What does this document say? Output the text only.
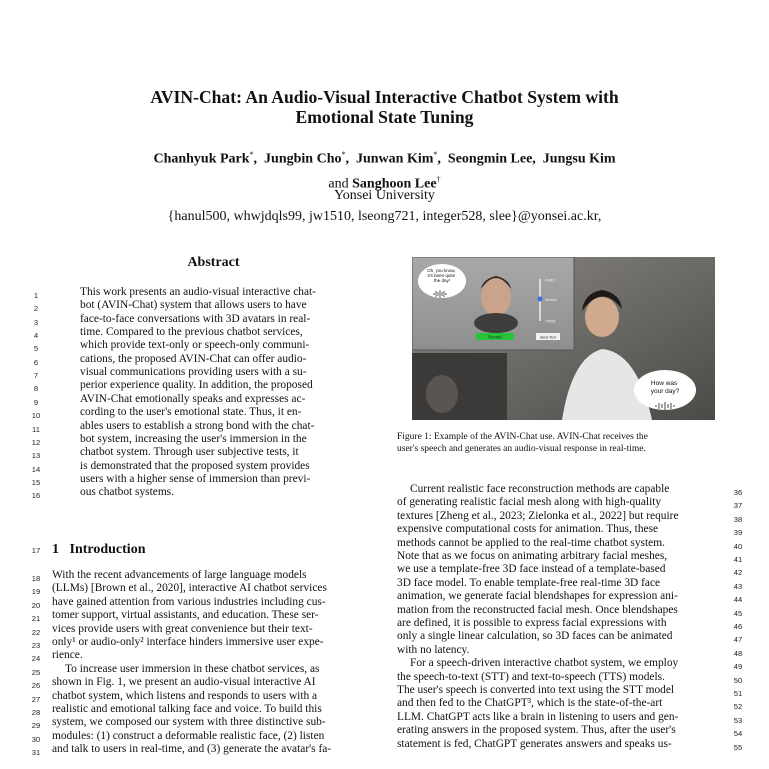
AVIN-Chat: An Audio-Visual Interactive Chatbot System with
Emotional State Tuning
Chanhyuk Park*,  Jungbin Cho*,  Junwan Kim*,  Seongmin Lee,  Jungsu Kim
and Sanghoon Lee†
Yonsei University
{hanul500, whwjdqls99, jw1510, lseong721, integer528, slee}@yonsei.ac.kr,
Abstract
1	This work presents an audio-visual interactive chat-
2	bot (AVIN-Chat) system that allows users to have
3	face-to-face conversations with 3D avatars in real-
4	time. Compared to the previous chatbot services,
5	which provide text-only or speech-only communi-
6	cations, the proposed AVIN-Chat can offer audio-
7	visual communications providing users with a su-
8	perior experience quality. In addition, the proposed
9	AVIN-Chat emotionally speaks and expresses ac-
10	cording to the user's emotional state. Thus, it en-
11	ables users to establish a strong bond with the chat-
12	bot system, increasing the user's immersion in the
13	chatbot system. Through user subjective tests, it
14	is demonstrated that the proposed system provides
15	users with a higher sense of immersion than previ-
16	ous chatbot systems.
17 1 Introduction
18	With the recent advancements of large language models
19	(LLMs) [Brown et al., 2020], interactive AI chatbot services
20	have gained attention from various industries including cus-
21	tomer support, virtual assistants, and education. These ser-
22	vices provide users with great convenience but their text-
23	only¹ or audio-only² interface hinders immersive user expe-
24	rience.
25	To increase user immersion in these chatbot services, as
26	shown in Fig. 1, we present an audio-visual interactive AI
27	chatbot system, which listens and responds to users with a
28	realistic and emotional talking face and voice. To build this
29	system, we composed our system with three distinctive sub-
30	modules: (1) construct a deformable realistic face, (2) listen
31	and talk to users in real-time, and (3) generate the avatar's fa-
Oh, you know, it's been quite the day!	Angry
Neutral
Happy
Record	Send Text
How was your day?
Figure 1: Example of the AVIN-Chat use. AVIN-Chat receives the
user's speech and generates an audio-visual response in real-time.
36
Current realistic face reconstruction methods are capable
37
of generating realistic facial mesh along with high-quality
38
textures [Zheng et al., 2023; Zielonka et al., 2022] but require
39
expensive computational costs for animation. Thus, these
40
methods cannot be applied to the real-time chatbot system.
41
Note that as we focus on animating arbitrary facial meshes,
42
we use a template-free 3D face instead of a template-based
43
3D face model. To enable template-free real-time 3D face
44
animation, we generate facial blendshapes for expression ani-
45
mation from the reconstructed facial mesh. Once blendshapes
46
are defined, it is possible to express facial expressions with
47
only a single linear calculation, so 3D faces can be animated
48
with no latency.
49
For a speech-driven interactive chatbot system, we employ
50
the speech-to-text (STT) and text-to-speech (TTS) models.
51
The user's speech is converted into text using the STT model
52
and then fed to the ChatGPT³, which is the state-of-the-art
53
LLM. ChatGPT acts like a brain in listening to users and gen-
54
erating answers in the proposed system. Thus, after the user's
55
statement is fed, ChatGPT generates answers and speaks us-
